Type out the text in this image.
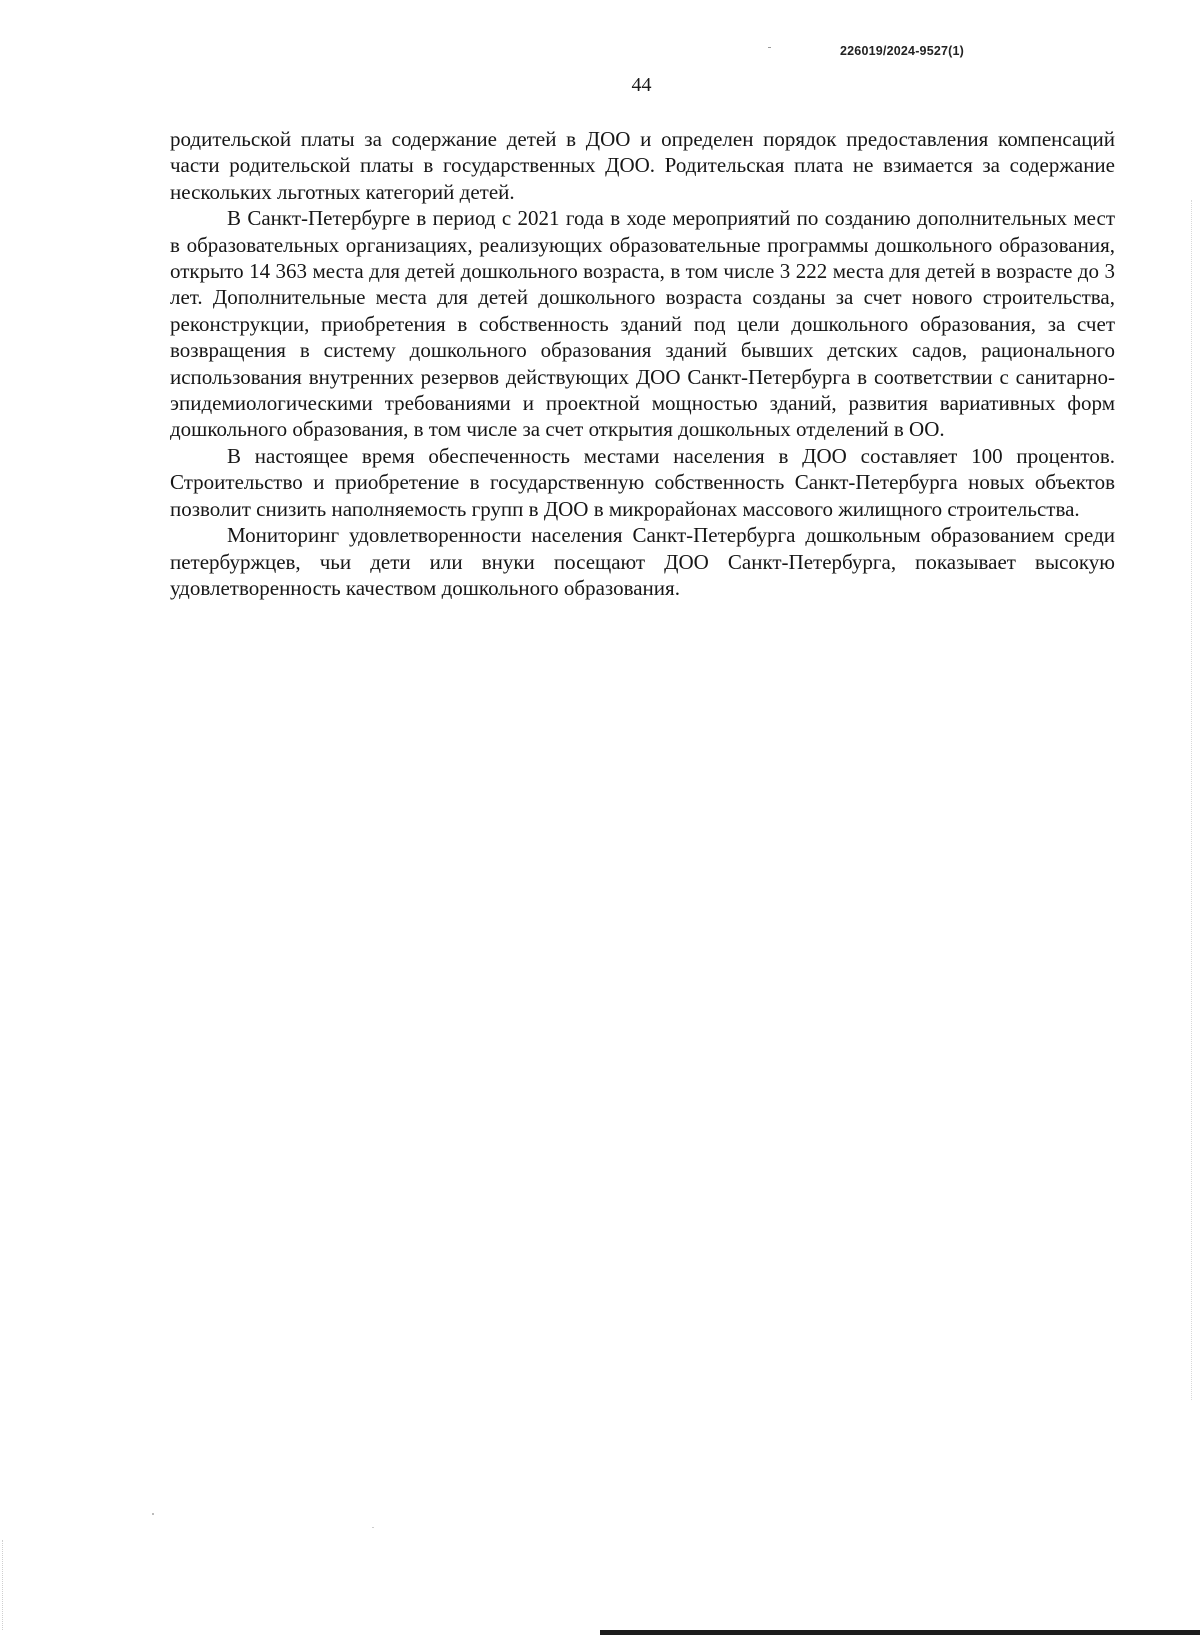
226019/2024-9527(1)
44

родительской платы за содержание детей в ДОО и определен порядок предоставления компенсаций части родительской платы в государственных ДОО. Родительская плата не взимается за содержание нескольких льготных категорий детей.

В Санкт-Петербурге в период с 2021 года в ходе мероприятий по созданию дополнительных мест в образовательных организациях, реализующих образовательные программы дошкольного образования, открыто 14 363 места для детей дошкольного возраста, в том числе 3 222 места для детей в возрасте до 3 лет. Дополнительные места для детей дошкольного возраста созданы за счет нового строительства, реконструкции, приобретения в собственность зданий под цели дошкольного образования, за счет возвращения в систему дошкольного образования зданий бывших детских садов, рационального использования внутренних резервов действующих ДОО Санкт-Петербурга в соответствии с санитарно-эпидемиологическими требованиями и проектной мощностью зданий, развития вариативных форм дошкольного образования, в том числе за счет открытия дошкольных отделений в ОО.

В настоящее время обеспеченность местами населения в ДОО составляет 100 процентов. Строительство и приобретение в государственную собственность Санкт-Петербурга новых объектов позволит снизить наполняемость групп в ДОО в микрорайонах массового жилищного строительства.

Мониторинг удовлетворенности населения Санкт-Петербурга дошкольным образованием среди петербуржцев, чьи дети или внуки посещают ДОО Санкт-Петербурга, показывает высокую удовлетворенность качеством дошкольного образования.
